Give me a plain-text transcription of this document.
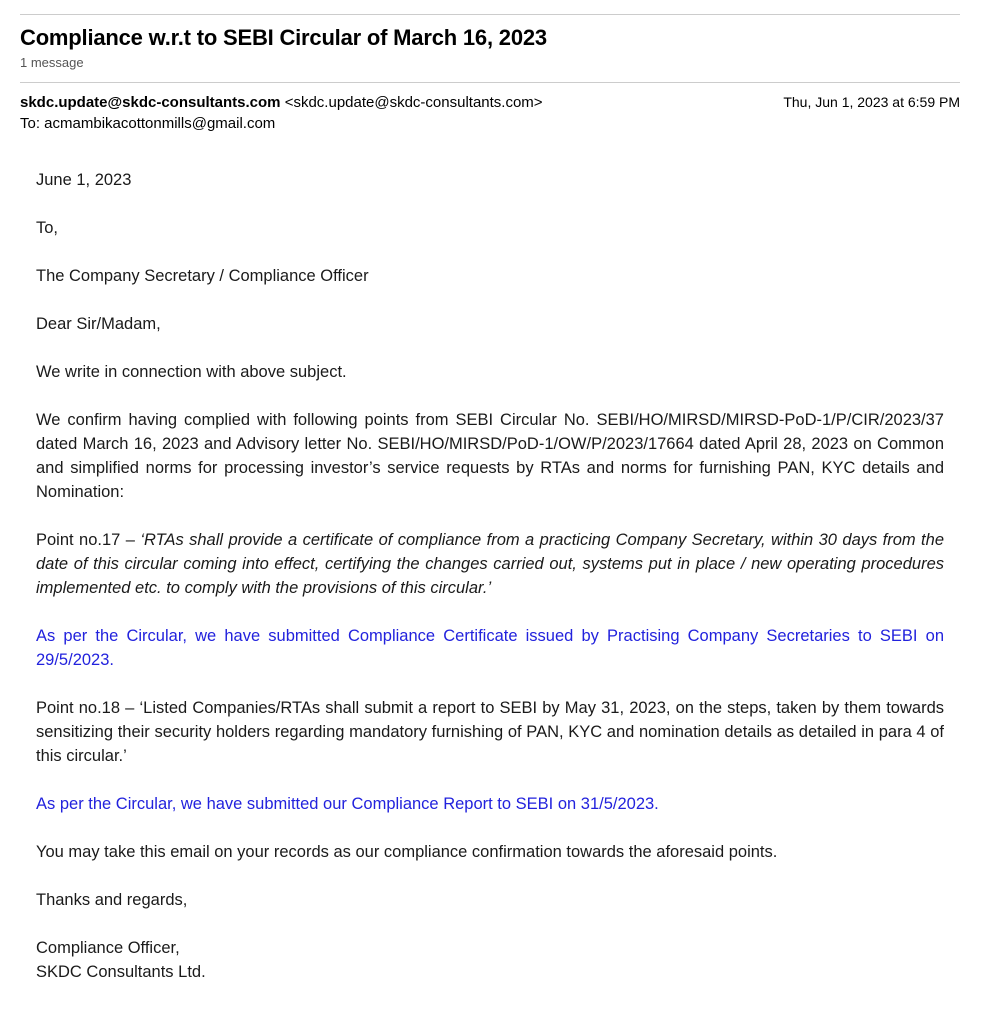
Compliance w.r.t to SEBI Circular of March 16, 2023
1 message
skdc.update@skdc-consultants.com <skdc.update@skdc-consultants.com>	Thu, Jun 1, 2023 at 6:59 PM
To: acmambikacottonmills@gmail.com

June 1, 2023

To,

The Company Secretary / Compliance Officer

Dear Sir/Madam,

We write in connection with above subject.

We confirm having complied with following points from SEBI Circular No. SEBI/HO/MIRSD/MIRSD-PoD-1/P/CIR/2023/37 dated March 16, 2023 and Advisory letter No. SEBI/HO/MIRSD/PoD-1/OW/P/2023/17664 dated April 28, 2023 on Common and simplified norms for processing investor’s service requests by RTAs and norms for furnishing PAN, KYC details and Nomination:

Point no.17 – ‘RTAs shall provide a certificate of compliance from a practicing Company Secretary, within 30 days from the date of this circular coming into effect, certifying the changes carried out, systems put in place / new operating procedures implemented etc. to comply with the provisions of this circular.’

As per the Circular, we have submitted Compliance Certificate issued by Practising Company Secretaries to SEBI on 29/5/2023.

Point no.18 – ‘Listed Companies/RTAs shall submit a report to SEBI by May 31, 2023, on the steps, taken by them towards sensitizing their security holders regarding mandatory furnishing of PAN, KYC and nomination details as detailed in para 4 of this circular.’

As per the Circular, we have submitted our Compliance Report to SEBI on 31/5/2023.

You may take this email on your records as our compliance confirmation towards the aforesaid points.

Thanks and regards,

Compliance Officer,
SKDC Consultants Ltd.
